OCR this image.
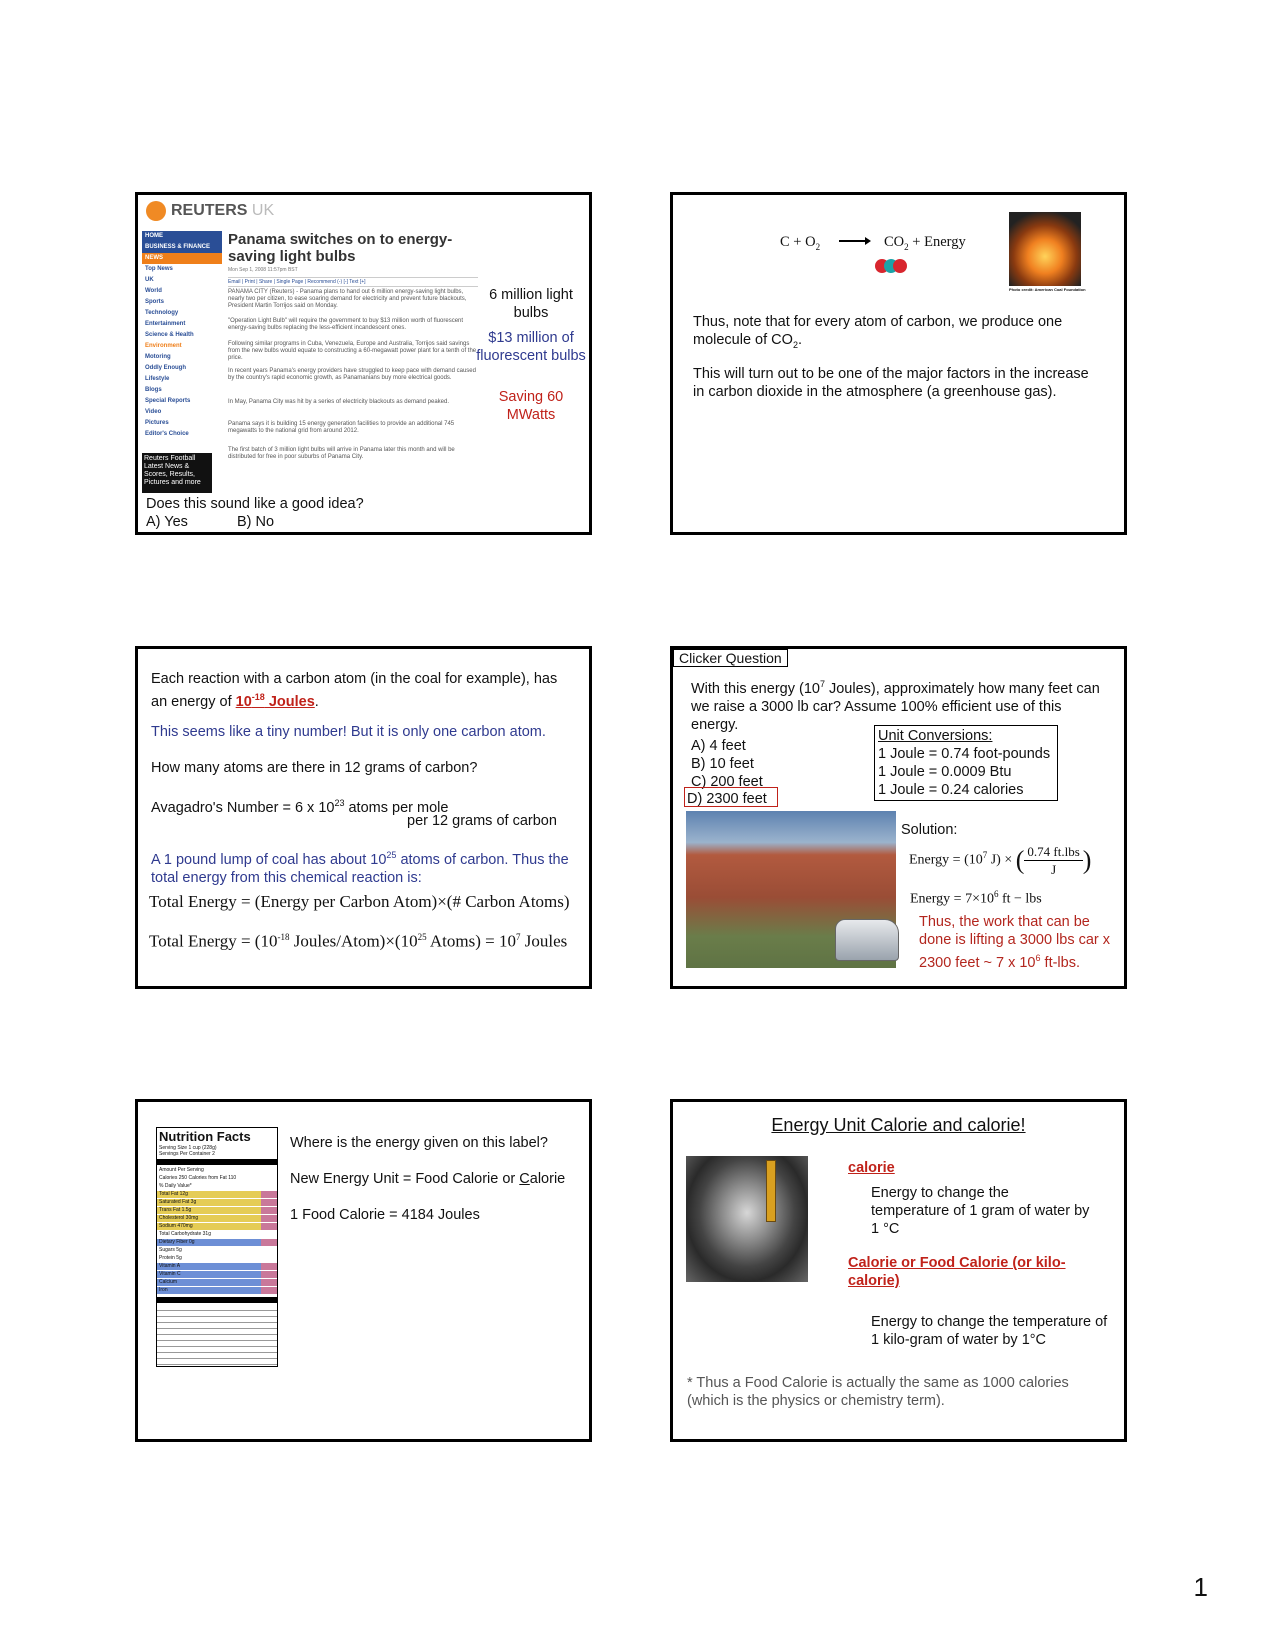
REUTERS UK
HOME
BUSINESS & FINANCE
NEWS
Top News
UK
World
Sports
Technology
Entertainment
Science & Health
Environment
Motoring
Oddly Enough
Lifestyle
Blogs
Special Reports
Video
Pictures
Editor's Choice
Reuters Football Latest News & Scores, Results, Pictures and more
Panama switches on to energy-
saving light bulbs
Mon Sep 1, 2008 11:57pm BST
Email | Print | Share | Single Page | Recommend (-) [-] Text [+]
PANAMA CITY (Reuters) - Panama plans to hand out 6 million energy-saving light bulbs, nearly two per citizen, to ease soaring demand for electricity and prevent future blackouts, President Martin Torrijos said on Monday.
"Operation Light Bulb" will require the government to buy $13 million worth of fluorescent energy-saving bulbs replacing the less-efficient incandescent ones.
Following similar programs in Cuba, Venezuela, Europe and Australia, Torrijos said savings from the new bulbs would equate to constructing a 60-megawatt power plant for a tenth of the price.
In recent years Panama's energy providers have struggled to keep pace with demand caused by the country's rapid economic growth, as Panamanians buy more electrical goods.
In May, Panama City was hit by a series of electricity blackouts as demand peaked.
Panama says it is building 15 energy generation facilities to provide an additional 745 megawatts to the national grid from around 2012.
The first batch of 3 million light bulbs will arrive in Panama later this month and will be distributed for free in poor suburbs of Panama City.
6 million light bulbs
$13 million of fluorescent bulbs
Saving 60 MWatts
Does this sound like a good idea?
A) Yes	B) No
$C + O_2$	$CO_2$ + Energy
Photo credit: American Coal Foundation
Thus, note that for every atom of carbon, we produce one molecule of $CO_2$.
This will turn out to be one of the major factors in the increase in carbon dioxide in the atmosphere (a greenhouse gas).
Each reaction with a carbon atom (in the coal for example), has an energy of $10^{-18}$ Joules.
This seems like a tiny number! But it is only one carbon atom.
How many atoms are there in 12 grams of carbon?
Avagadro's Number = 6 x $10^{23}$ atoms per mole
per 12 grams of carbon
A 1 pound lump of coal has about $10^{25}$ atoms of carbon. Thus the total energy from this chemical reaction is:
Total Energy = (Energy per Carbon Atom)×(# Carbon Atoms)
Total Energy = ($10^{-18}$ Joules/$Atom)\times(10^{25}$ Atoms) = $10^7$ Joules
Clicker Question
With this energy ($10^7$ Joules), approximately how many feet can we raise a 3000 lb car? Assume 100% efficient use of this energy.
A) 4 feet
B) 10 feet
C) 200 feet
D) 2300 feet
Unit Conversions:
1 Joule = 0.74 foot-pounds
1 Joule = 0.0009 Btu
1 Joule = 0.24 calories
Solution:
Energy = ($10^7$ J) × ( $\frac{\text{0.74 ft.lbs}}{J}$ )
Energy = $7\times 10^6$ ft − lbs
Thus, the work that can be done is lifting a 3000 lbs car x 2300 feet ~ 7 x $10^6$ ft-lbs.
Nutrition Facts
Serving Size 1 cup (228g)
Servings Per Container 2
Amount Per Serving
Calories 250 Calories from Fat 110
% Daily Value*
Total Fat 12g
Saturated Fat 3g
Trans Fat 1.5g
Cholesterol 30mg
Sodium 470mg
Total Carbohydrate 31g
Dietary Fiber 0g
Sugars 5g
Protein 5g
Vitamin A
Vitamin C
Calcium
Iron
Where is the energy given on this label?
New Energy Unit = Food Calorie or Calorie
1 Food Calorie = 4184 Joules
Energy Unit Calorie and calorie!
calorie
Energy to change the temperature of 1 gram of water by 1 °C
Calorie or Food Calorie (or kilo-calorie)
Energy to change the temperature of 1 kilo-gram of water by 1°C
* Thus a Food Calorie is actually the same as 1000 calories (which is the physics or chemistry term).
1
